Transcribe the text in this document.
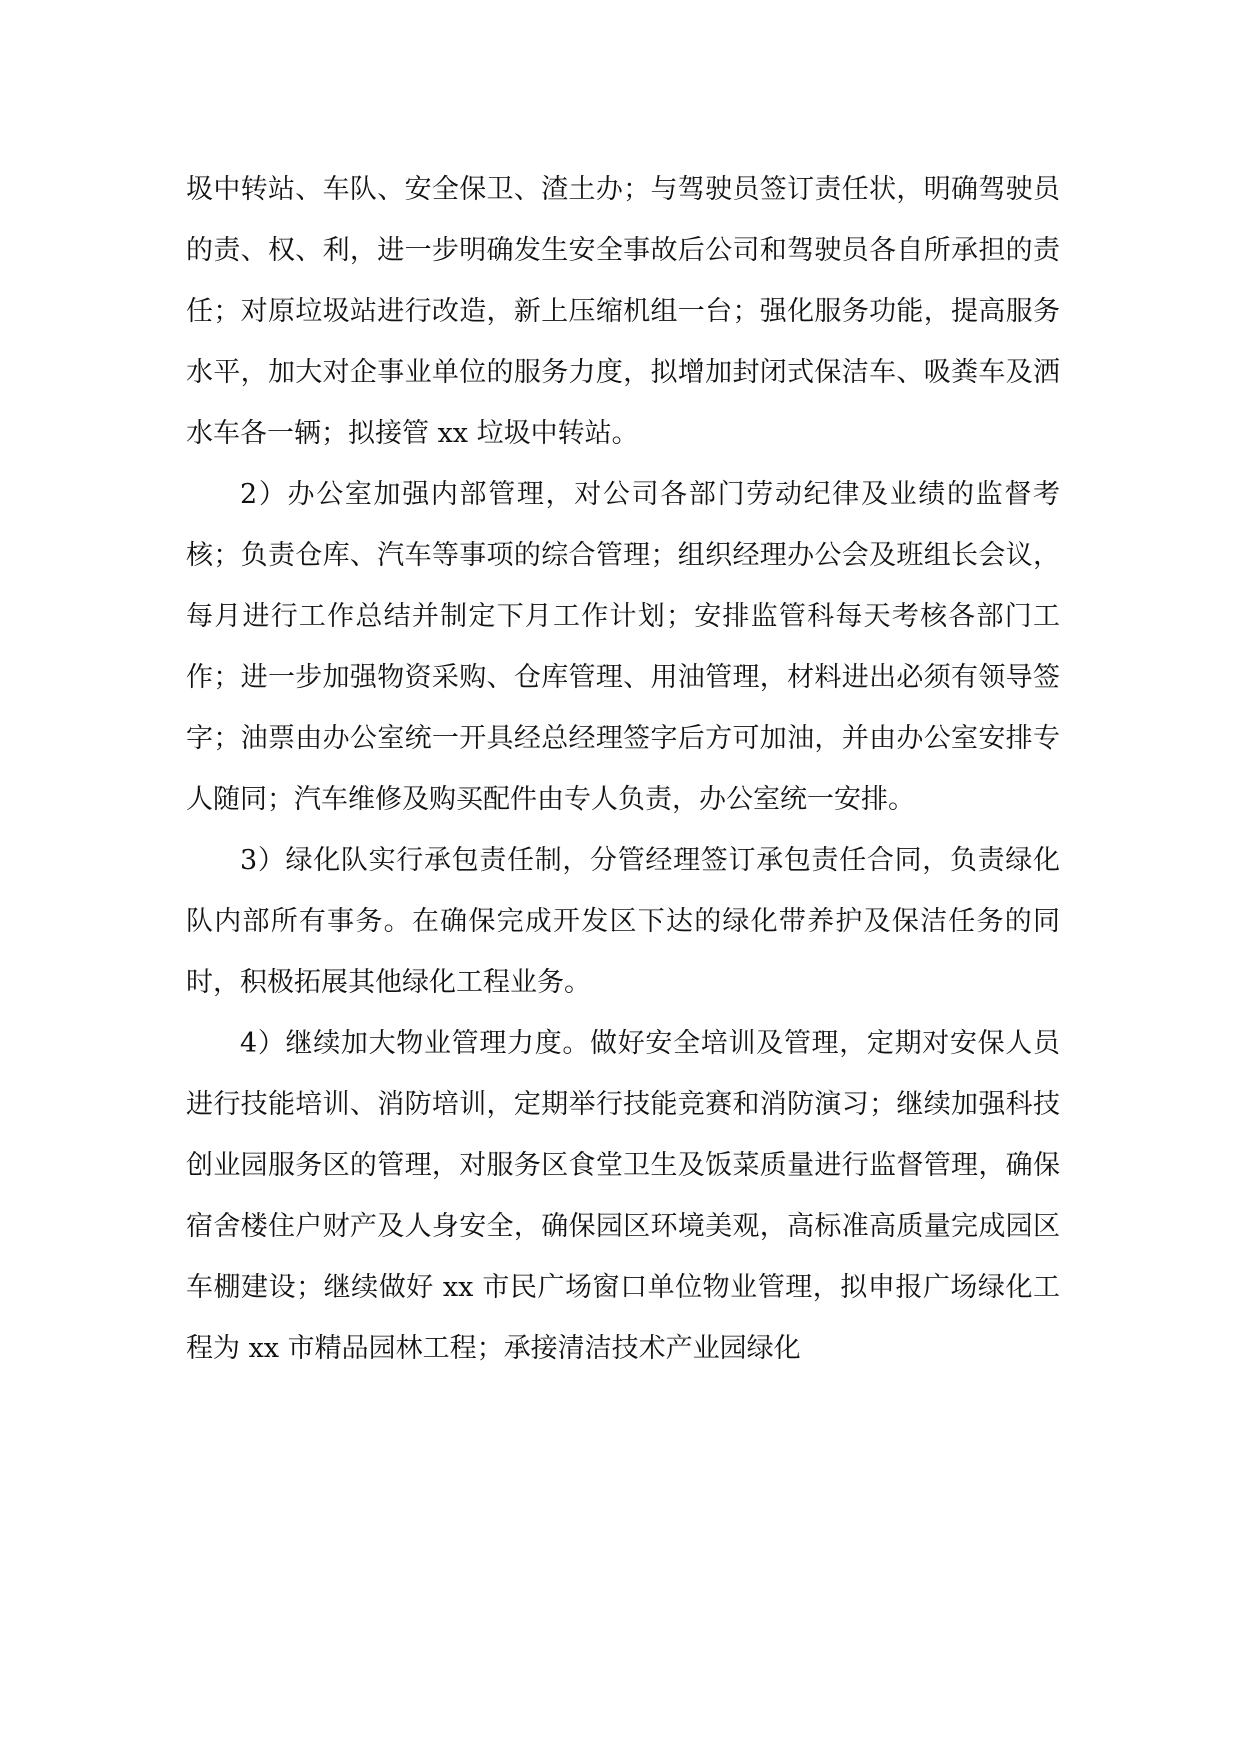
圾中转站、车队、安全保卫、渣土办；与驾驶员签订责任状，明确驾驶员的责、权、利，进一步明确发生安全事故后公司和驾驶员各自所承担的责任；对原垃圾站进行改造，新上压缩机组一台；强化服务功能，提高服务水平，加大对企事业单位的服务力度，拟增加封闭式保洁车、吸粪车及洒水车各一辆；拟接管 xx 垃圾中转站。

2）办公室加强内部管理，对公司各部门劳动纪律及业绩的监督考核；负责仓库、汽车等事项的综合管理；组织经理办公会及班组长会议，每月进行工作总结并制定下月工作计划；安排监管科每天考核各部门工作；进一步加强物资采购、仓库管理、用油管理，材料进出必须有领导签字；油票由办公室统一开具经总经理签字后方可加油，并由办公室安排专人随同；汽车维修及购买配件由专人负责，办公室统一安排。

3）绿化队实行承包责任制，分管经理签订承包责任合同，负责绿化队内部所有事务。在确保完成开发区下达的绿化带养护及保洁任务的同时，积极拓展其他绿化工程业务。

4）继续加大物业管理力度。做好安全培训及管理，定期对安保人员进行技能培训、消防培训，定期举行技能竞赛和消防演习；继续加强科技创业园服务区的管理，对服务区食堂卫生及饭菜质量进行监督管理，确保宿舍楼住户财产及人身安全，确保园区环境美观，高标准高质量完成园区车棚建设；继续做好 xx 市民广场窗口单位物业管理，拟申报广场绿化工程为 xx 市精品园林工程；承接清洁技术产业园绿化
